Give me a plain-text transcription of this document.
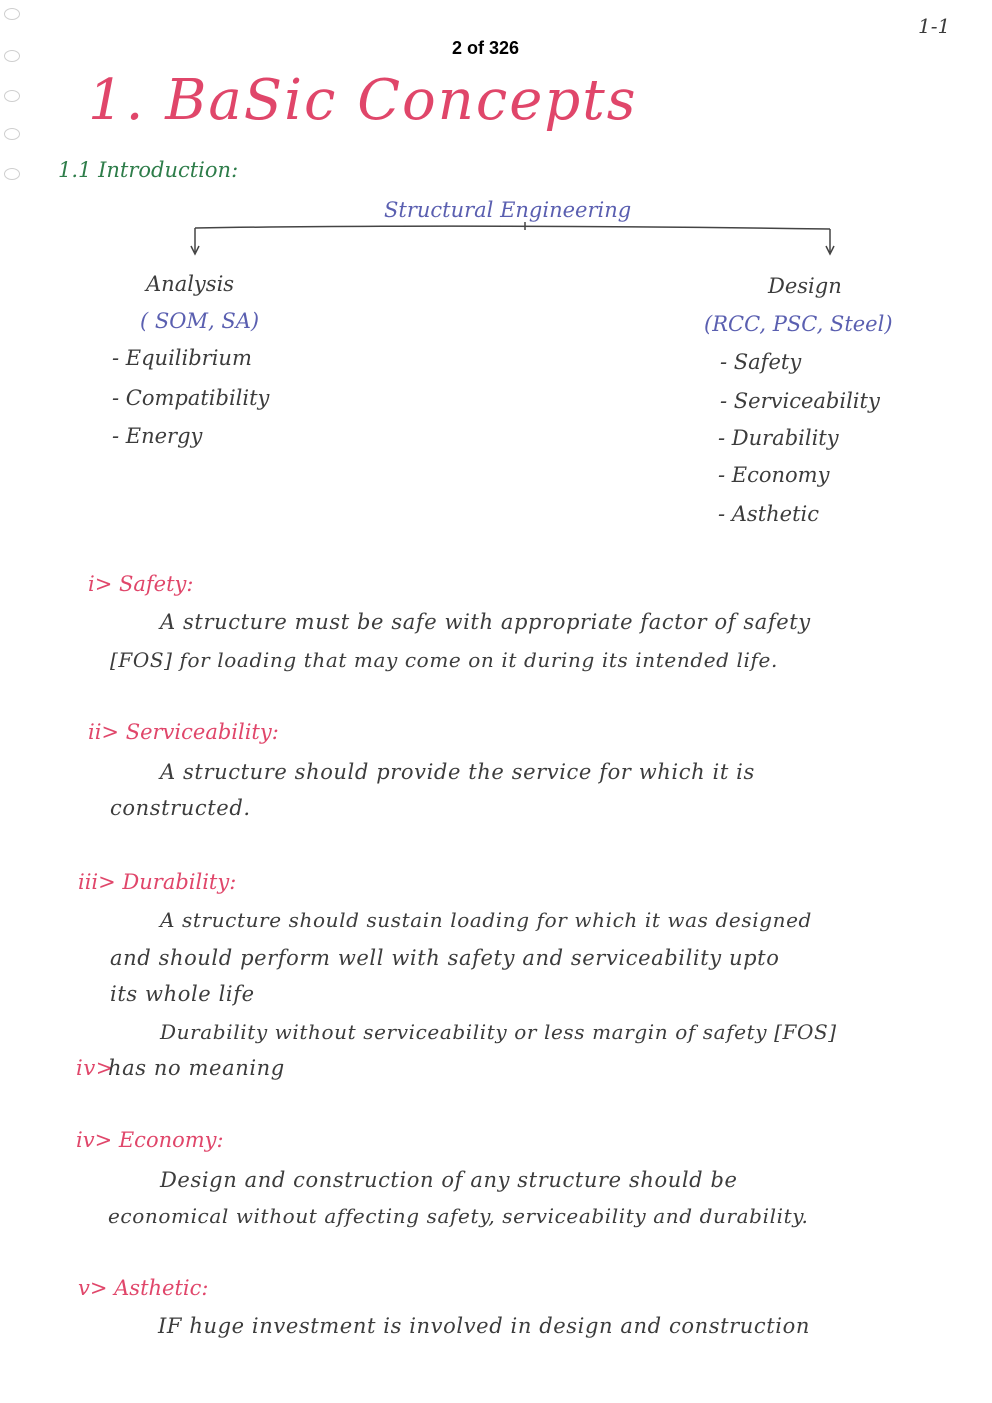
1-1
2 of 326
1. BaSic Concepts
1.1 Introduction:
Structural Engineering
Analysis
( SOM, SA)
- Equilibrium
- Compatibility
- Energy
Design
(RCC, PSC, Steel)
- Safety
- Serviceability
- Durability
- Economy
- Asthetic
i> Safety:
A structure must be safe with appropriate factor of safety
[FOS] for loading that may come on it during its intended life.
ii> Serviceability:
A structure should provide the service for which it is
constructed.
iii> Durability:
A structure should sustain loading for which it was designed
and should perform well with safety and serviceability upto
its whole life
Durability without serviceability or less margin of safety [FOS]
iv>
has no meaning
iv> Economy:
Design and construction of any structure should be
economical without affecting safety, serviceability and durability.
v> Asthetic:
IF huge investment is involved in design and construction
